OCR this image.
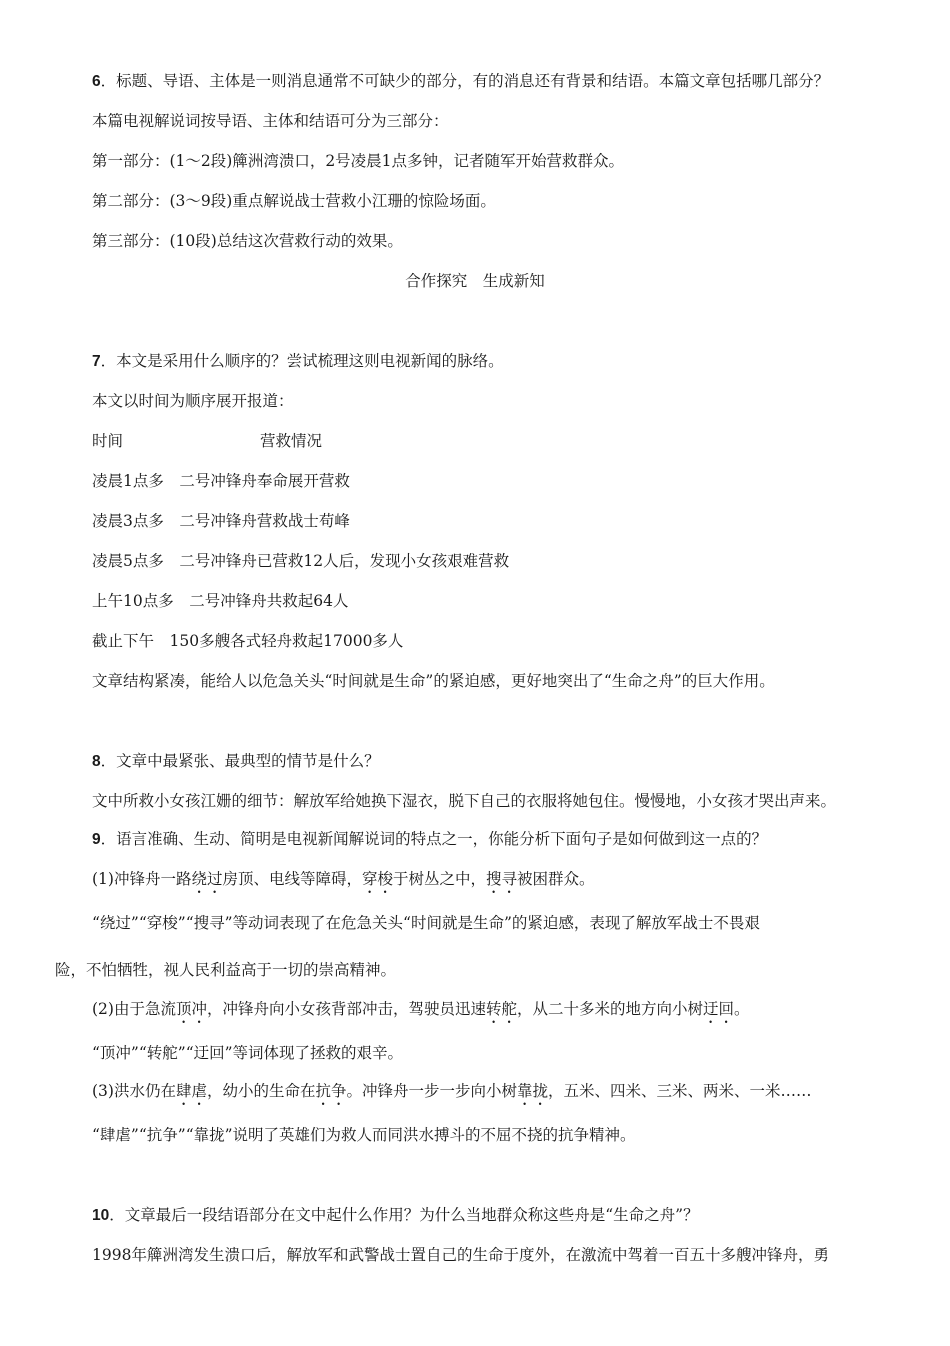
6．标题、导语、主体是一则消息通常不可缺少的部分，有的消息还有背景和结语。本篇文章包括哪几部分？
本篇电视解说词按导语、主体和结语可分为三部分：
第一部分：(1～2段)簰洲湾溃口，2号凌晨1点多钟，记者随军开始营救群众。
第二部分：(3～9段)重点解说战士营救小江珊的惊险场面。
第三部分：(10段)总结这次营救行动的效果。
合作探究　生成新知
7．本文是采用什么顺序的？尝试梳理这则电视新闻的脉络。
本文以时间为顺序展开报道：
时间	营救情况
凌晨1点多　 二号冲锋舟奉命展开营救
凌晨3点多　 二号冲锋舟营救战士苟峰
凌晨5点多　 二号冲锋舟已营救12人后，发现小女孩艰难营救
上午10点多　 二号冲锋舟共救起64人
截止下午　 150多艘各式轻舟救起17000多人
文章结构紧凑，能给人以危急关头“时间就是生命”的紧迫感，更好地突出了“生命之舟”的巨大作用。
8．文章中最紧张、最典型的情节是什么？
文中所救小女孩江姗的细节：解放军给她换下湿衣，脱下自己的衣服将她包住。慢慢地，小女孩才哭出声来。
9．语言准确、生动、简明是电视新闻解说词的特点之一，你能分析下面句子是如何做到这一点的？
(1)冲锋舟一路绕过房顶、电线等障碍，穿梭于树丛之中，搜寻被困群众。
“绕过”“穿梭”“搜寻”等动词表现了在危急关头“时间就是生命”的紧迫感，表现了解放军战士不畏艰
险，不怕牺牲，视人民利益高于一切的崇高精神。
(2)由于急流顶冲，冲锋舟向小女孩背部冲击，驾驶员迅速转舵，从二十多米的地方向小树迂回。
“顶冲”“转舵”“迂回”等词体现了拯救的艰辛。
(3)洪水仍在肆虐，幼小的生命在抗争。冲锋舟一步一步向小树靠拢，五米、四米、三米、两米、一米……
“肆虐”“抗争”“靠拢”说明了英雄们为救人而同洪水搏斗的不屈不挠的抗争精神。
10．文章最后一段结语部分在文中起什么作用？为什么当地群众称这些舟是“生命之舟”？
1998年簰洲湾发生溃口后，解放军和武警战士置自己的生命于度外，在激流中驾着一百五十多艘冲锋舟，勇
